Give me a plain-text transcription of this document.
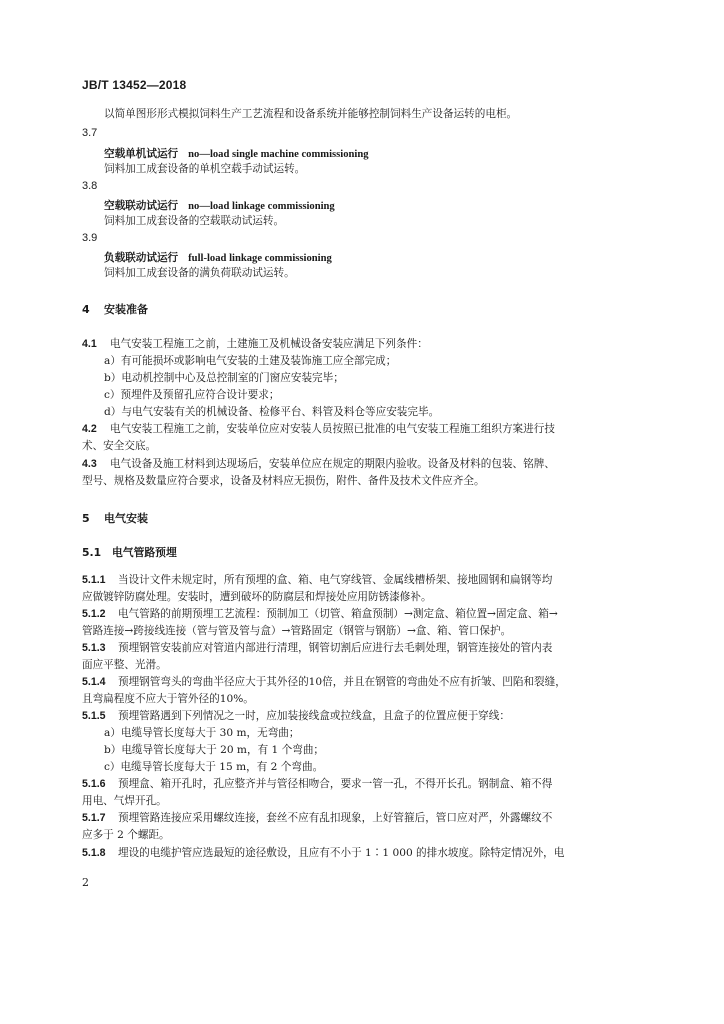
JB/T 13452—2018
以简单图形形式模拟饲料生产工艺流程和设备系统并能够控制饲料生产设备运转的电柜。
3.7
空载单机试运行 no—load single machine commissioning
饲料加工成套设备的单机空载手动试运转。
3.8
空载联动试运行 no—load linkage commissioning
饲料加工成套设备的空载联动试运转。
3.9
负载联动试运行 full-load linkage commissioning
饲料加工成套设备的满负荷联动试运转。
4 安装准备
4.1 电气安装工程施工之前，土建施工及机械设备安装应满足下列条件：
a）有可能损坏或影响电气安装的土建及装饰施工应全部完成；
b）电动机控制中心及总控制室的门窗应安装完毕；
c）预埋件及预留孔应符合设计要求；
d）与电气安装有关的机械设备、检修平台、料管及料仓等应安装完毕。
4.2 电气安装工程施工之前，安装单位应对安装人员按照已批准的电气安装工程施工组织方案进行技
术、安全交底。
4.3 电气设备及施工材料到达现场后，安装单位应在规定的期限内验收。设备及材料的包装、铭牌、
型号、规格及数量应符合要求，设备及材料应无损伤，附件、备件及技术文件应齐全。
5 电气安装
5.1 电气管路预埋
5.1.1 当设计文件未规定时，所有预埋的盒、箱、电气穿线管、金属线槽桥架、接地圆钢和扁钢等均
应做镀锌防腐处理。安装时，遭到破坏的防腐层和焊接处应用防锈漆修补。
5.1.2 电气管路的前期预埋工艺流程：预制加工（切管、箱盒预制）→测定盒、箱位置→固定盒、箱→
管路连接→跨接线连接（管与管及管与盒）→管路固定（钢管与钢筋）→盒、箱、管口保护。
5.1.3 预埋钢管安装前应对管道内部进行清理，钢管切割后应进行去毛刺处理，钢管连接处的管内表
面应平整、光滑。
5.1.4 预埋钢管弯头的弯曲半径应大于其外径的10倍，并且在钢管的弯曲处不应有折皱、凹陷和裂缝，
且弯扁程度不应大于管外径的10%。
5.1.5 预埋管路遇到下列情况之一时，应加装接线盒或拉线盒，且盒子的位置应便于穿线：
a）电缆导管长度每大于 30 m，无弯曲；
b）电缆导管长度每大于 20 m，有 1 个弯曲；
c）电缆导管长度每大于 15 m，有 2 个弯曲。
5.1.6 预埋盒、箱开孔时，孔应整齐并与管径相吻合，要求一管一孔，不得开长孔。钢制盒、箱不得
用电、气焊开孔。
5.1.7 预埋管路连接应采用螺纹连接，套丝不应有乱扣现象，上好管箍后，管口应对严，外露螺纹不
应多于 2 个螺距。
5.1.8 埋设的电缆护管应选最短的途径敷设，且应有不小于 1∶1 000 的排水坡度。除特定情况外，电
2
